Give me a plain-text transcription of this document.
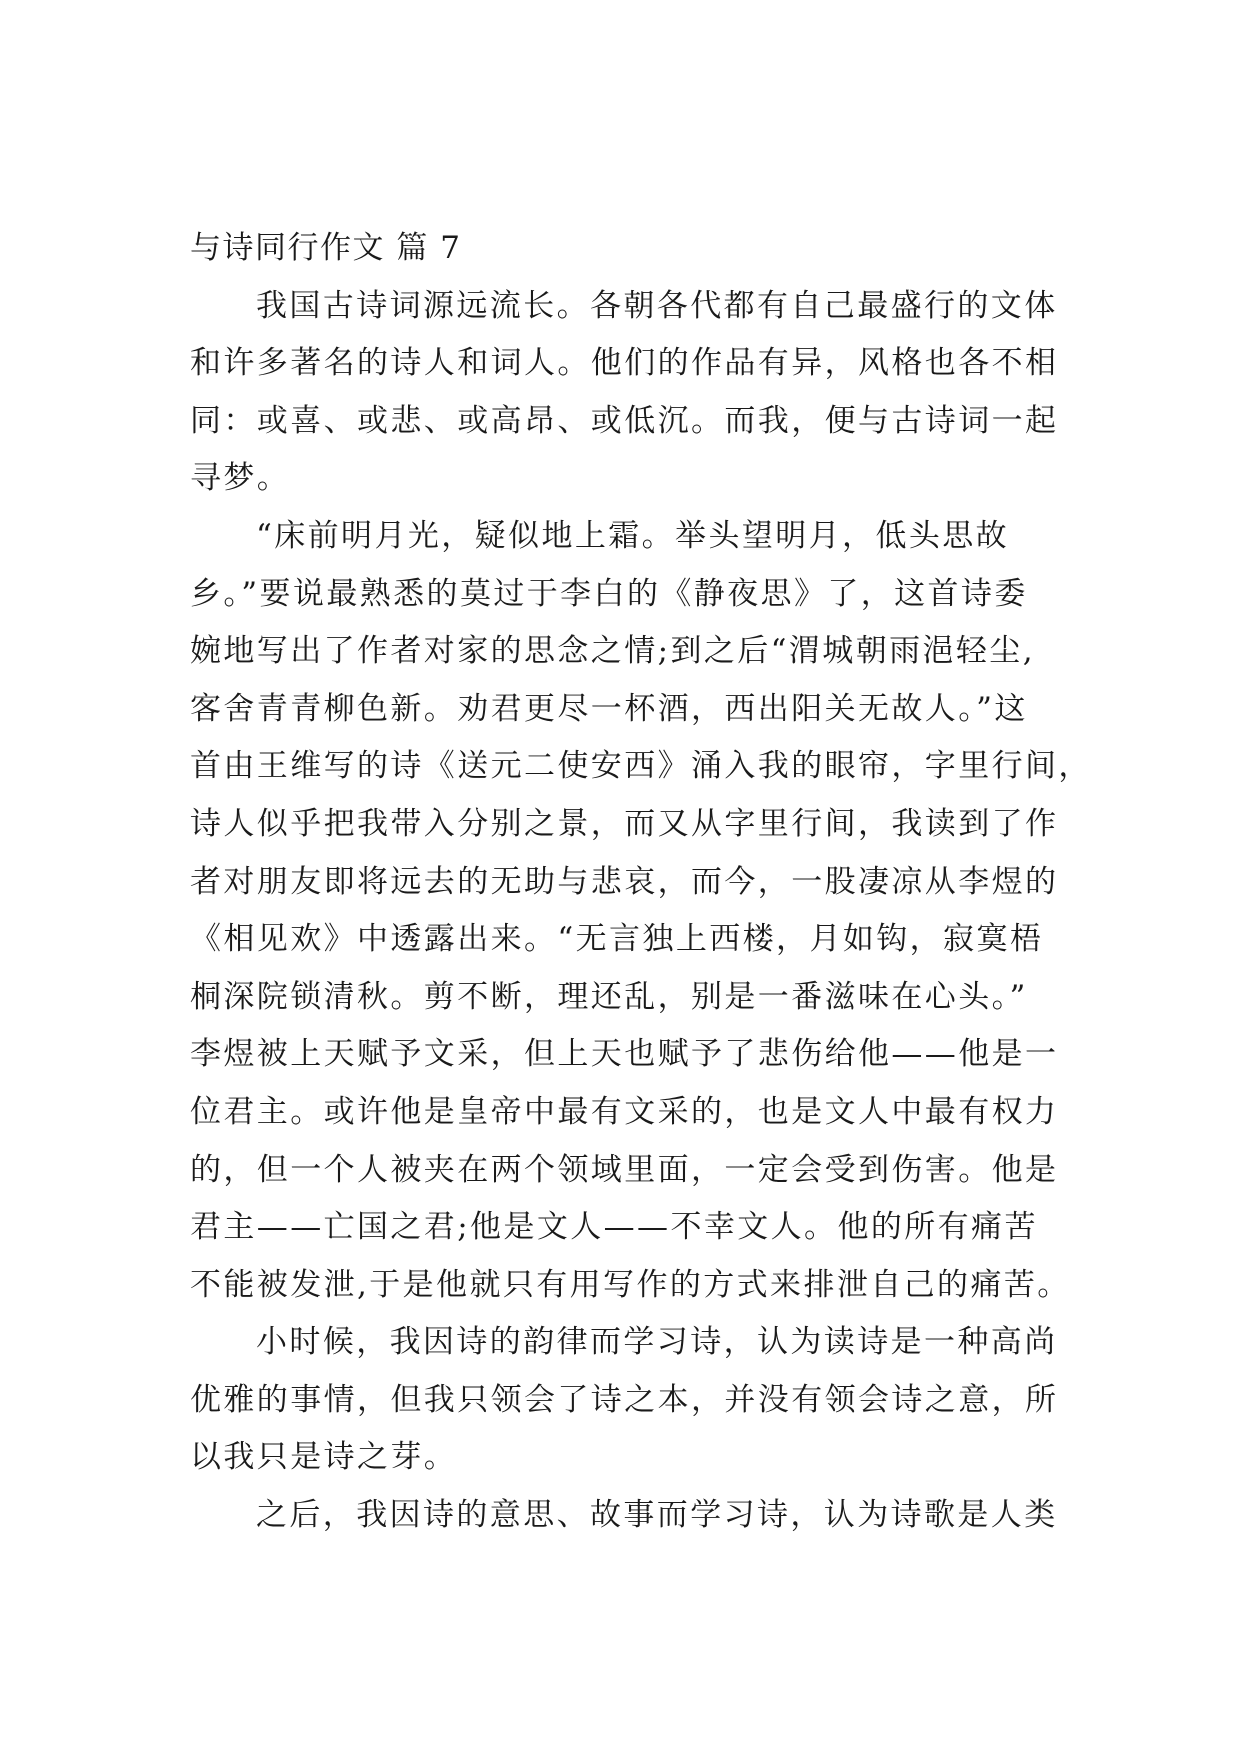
与诗同行作文 篇 7
我国古诗词源远流长。各朝各代都有自己最盛行的文体
和许多著名的诗人和词人。他们的作品有异，风格也各不相
同：或喜、或悲、或高昂、或低沉。而我，便与古诗词一起
寻梦。
“床前明月光，疑似地上霜。举头望明月，低头思故
乡。”要说最熟悉的莫过于李白的《静夜思》了，这首诗委
婉地写出了作者对家的思念之情;到之后“渭城朝雨浥轻尘,
客舍青青柳色新。劝君更尽一杯酒，西出阳关无故人。”这
首由王维写的诗《送元二使安西》涌入我的眼帘，字里行间，
诗人似乎把我带入分别之景，而又从字里行间，我读到了作
者对朋友即将远去的无助与悲哀，而今，一股凄凉从李煜的
《相见欢》中透露出来。“无言独上西楼，月如钩，寂寞梧
桐深院锁清秋。剪不断，理还乱，别是一番滋味在心头。”
李煜被上天赋予文采，但上天也赋予了悲伤给他——他是一
位君主。或许他是皇帝中最有文采的，也是文人中最有权力
的，但一个人被夹在两个领域里面，一定会受到伤害。他是
君主——亡国之君;他是文人——不幸文人。他的所有痛苦
不能被发泄,于是他就只有用写作的方式来排泄自己的痛苦。
小时候，我因诗的韵律而学习诗，认为读诗是一种高尚
优雅的事情，但我只领会了诗之本，并没有领会诗之意，所
以我只是诗之芽。
之后，我因诗的意思、故事而学习诗，认为诗歌是人类
